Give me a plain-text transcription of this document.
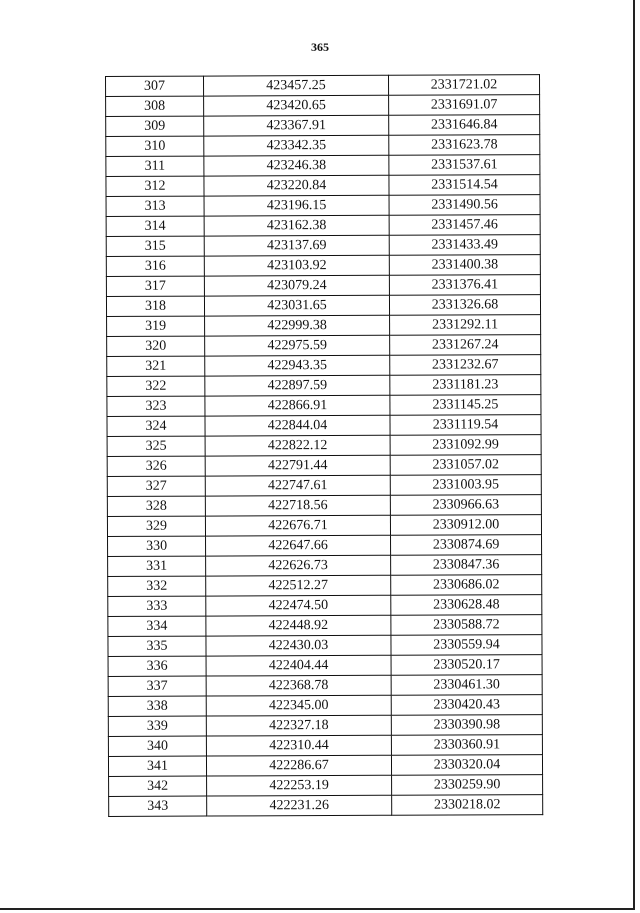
365
307	423457.25	2331721.02
308	423420.65	2331691.07
309	423367.91	2331646.84
310	423342.35	2331623.78
311	423246.38	2331537.61
312	423220.84	2331514.54
313	423196.15	2331490.56
314	423162.38	2331457.46
315	423137.69	2331433.49
316	423103.92	2331400.38
317	423079.24	2331376.41
318	423031.65	2331326.68
319	422999.38	2331292.11
320	422975.59	2331267.24
321	422943.35	2331232.67
322	422897.59	2331181.23
323	422866.91	2331145.25
324	422844.04	2331119.54
325	422822.12	2331092.99
326	422791.44	2331057.02
327	422747.61	2331003.95
328	422718.56	2330966.63
329	422676.71	2330912.00
330	422647.66	2330874.69
331	422626.73	2330847.36
332	422512.27	2330686.02
333	422474.50	2330628.48
334	422448.92	2330588.72
335	422430.03	2330559.94
336	422404.44	2330520.17
337	422368.78	2330461.30
338	422345.00	2330420.43
339	422327.18	2330390.98
340	422310.44	2330360.91
341	422286.67	2330320.04
342	422253.19	2330259.90
343	422231.26	2330218.02
